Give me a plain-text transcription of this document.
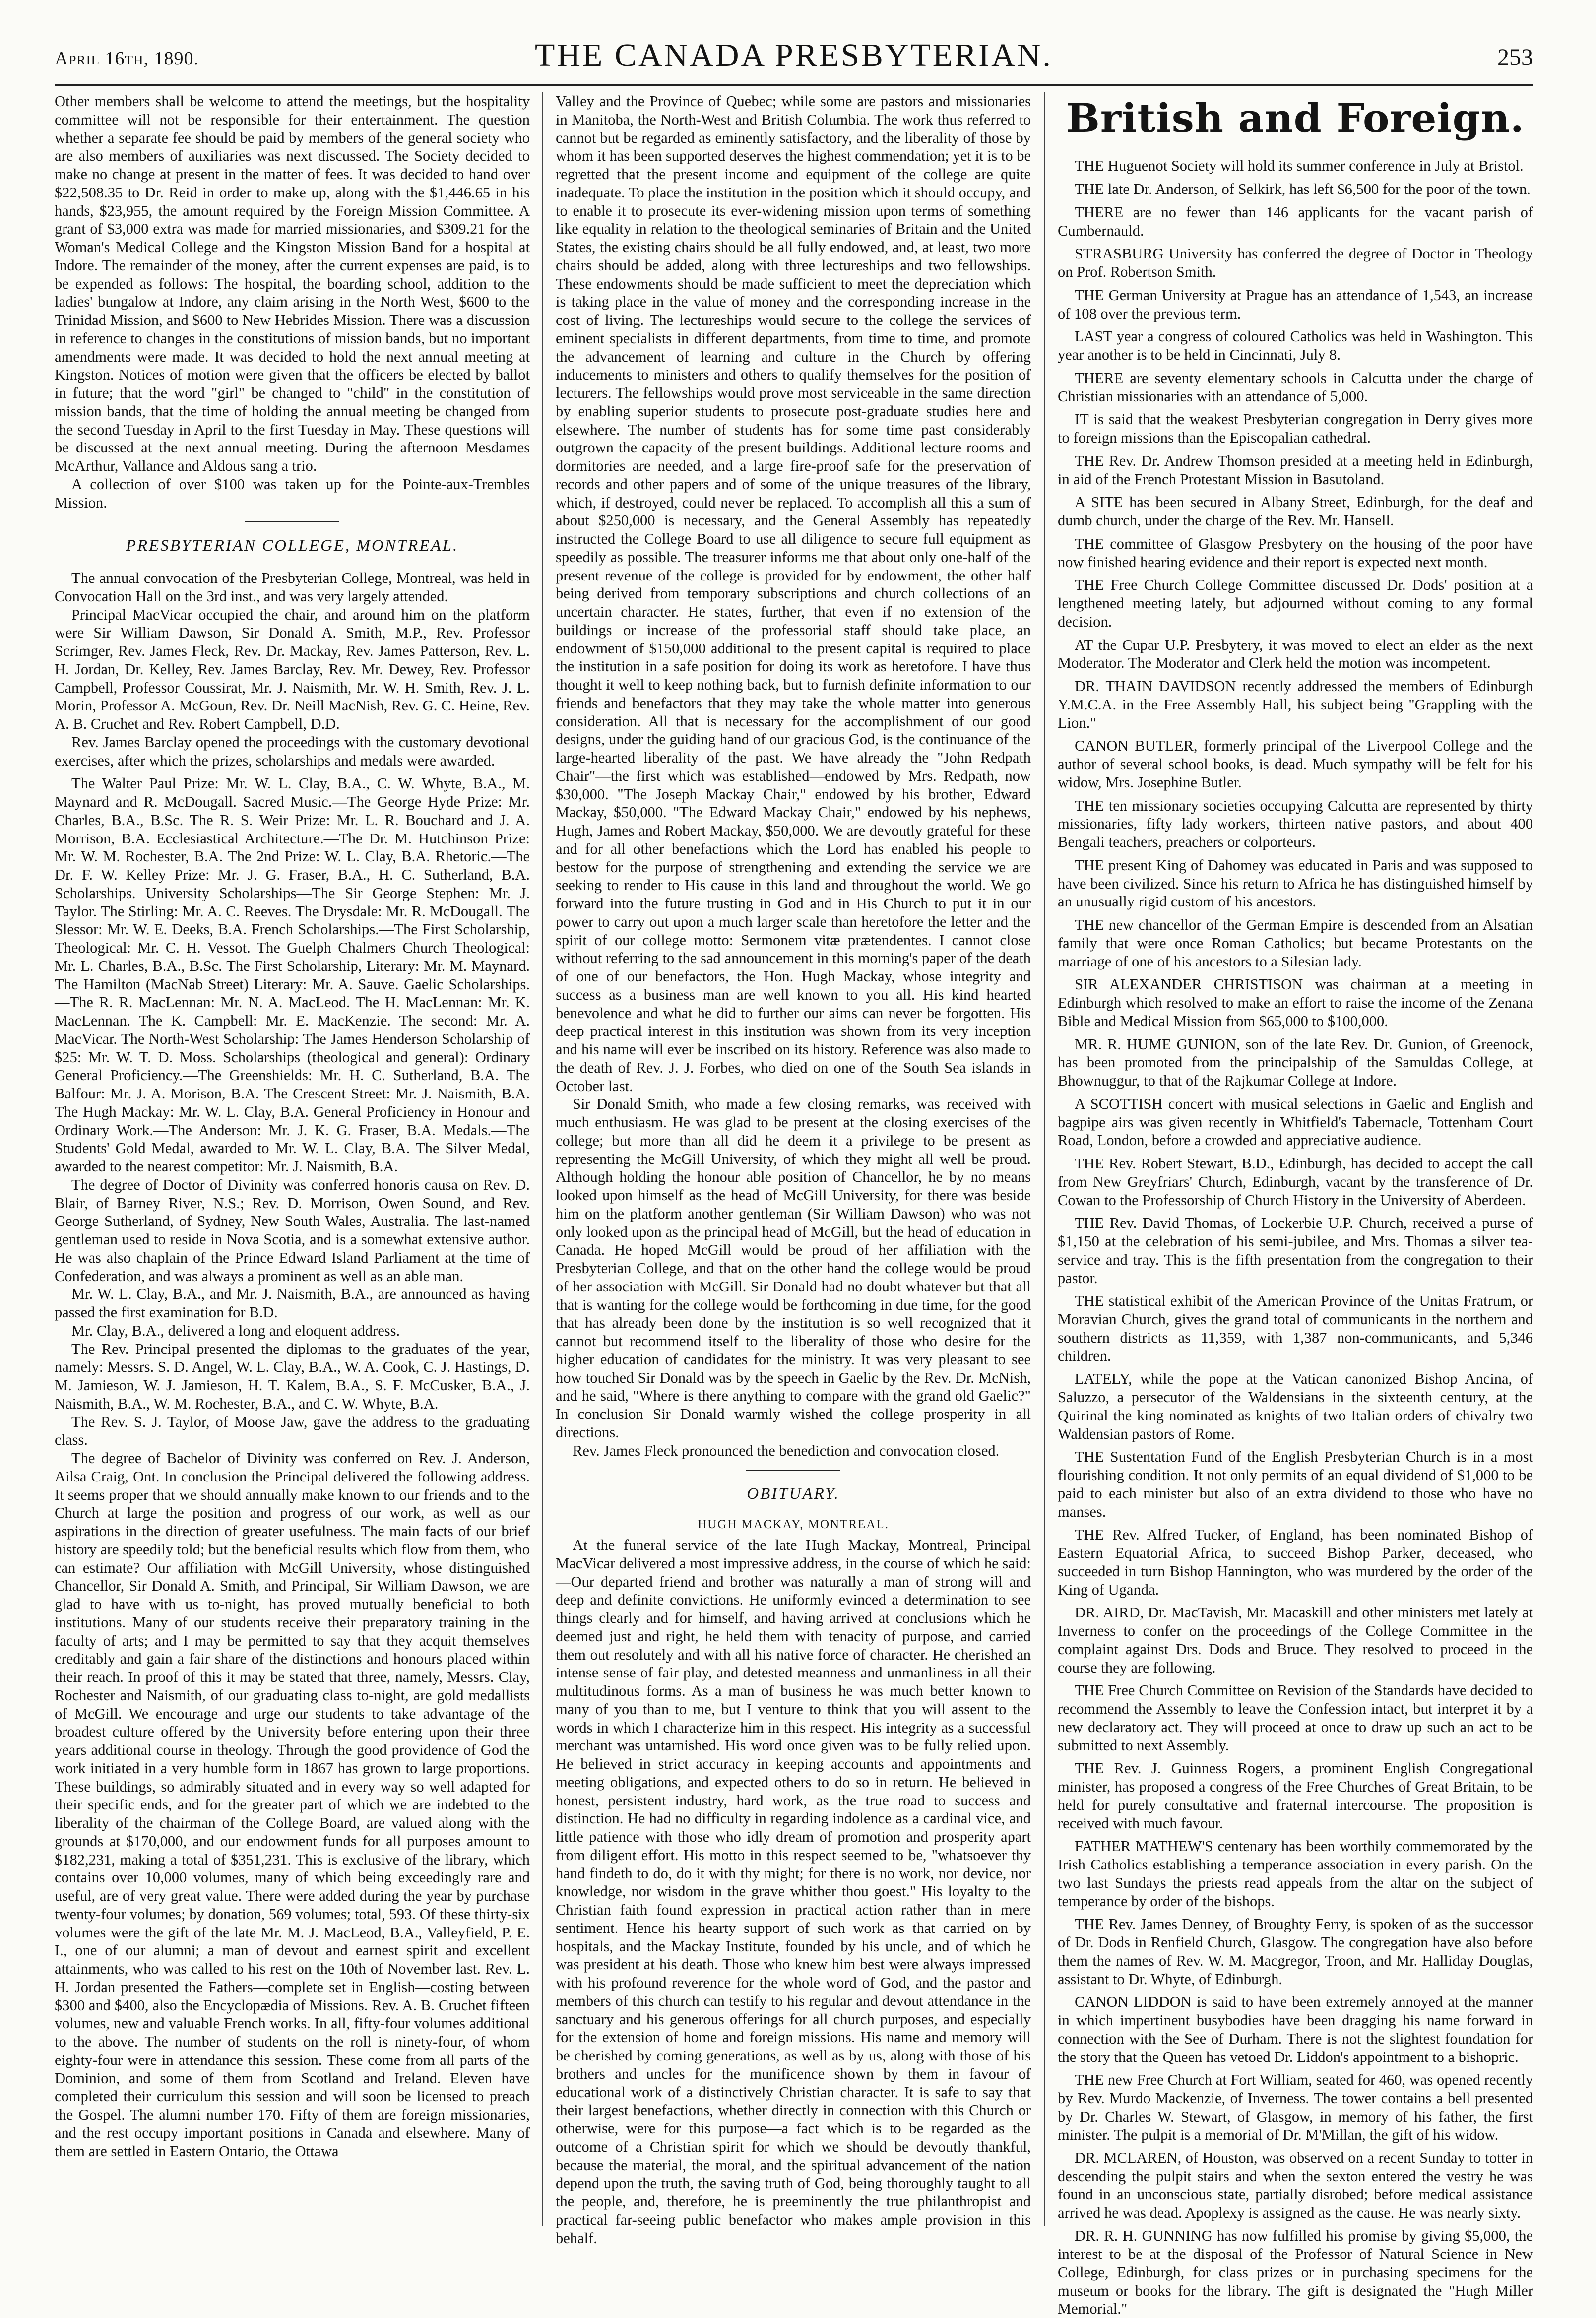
April 16th, 1890.	THE CANADA PRESBYTERIAN.	253

Other members shall be welcome to attend the meetings, but the hospitality committee will not be responsible for their entertainment. The question whether a separate fee should be paid by members of the general society who are also members of auxiliaries was next discussed. The Society decided to make no change at present in the matter of fees. It was decided to hand over $22,508.35 to Dr. Reid in order to make up, along with the $1,446.65 in his hands, $23,955, the amount required by the Foreign Mission Committee. A grant of $3,000 extra was made for married missionaries, and $309.21 for the Woman's Medical College and the Kingston Mission Band for a hospital at Indore. The remainder of the money, after the current expenses are paid, is to be expended as follows: The hospital, the boarding school, addition to the ladies' bungalow at Indore, any claim arising in the North West, $600 to the Trinidad Mission, and $600 to New Hebrides Mission. There was a discussion in reference to changes in the constitutions of mission bands, but no important amendments were made. It was decided to hold the next annual meeting at Kingston. Notices of motion were given that the officers be elected by ballot in future; that the word "girl" be changed to "child" in the constitution of mission bands, that the time of holding the annual meeting be changed from the second Tuesday in April to the first Tuesday in May. These questions will be discussed at the next annual meeting. During the afternoon Mesdames McArthur, Vallance and Aldous sang a trio.

A collection of over $100 was taken up for the Pointe-aux-Trembles Mission.

PRESBYTERIAN COLLEGE, MONTREAL.

The annual convocation of the Presbyterian College, Montreal, was held in Convocation Hall on the 3rd inst., and was very largely attended.

Principal MacVicar occupied the chair, and around him on the platform were Sir William Dawson, Sir Donald A. Smith, M.P., Rev. Professor Scrimger, Rev. James Fleck, Rev. Dr. Mackay, Rev. James Patterson, Rev. L. H. Jordan, Dr. Kelley, Rev. James Barclay, Rev. Mr. Dewey, Rev. Professor Campbell, Professor Coussirat, Mr. J. Naismith, Mr. W. H. Smith, Rev. J. L. Morin, Professor A. McGoun, Rev. Dr. Neill MacNish, Rev. G. C. Heine, Rev. A. B. Cruchet and Rev. Robert Campbell, D.D.

Rev. James Barclay opened the proceedings with the customary devotional exercises, after which the prizes, scholarships and medals were awarded.

The Walter Paul Prize: Mr. W. L. Clay, B.A., C. W. Whyte, B.A., M. Maynard and R. McDougall. Sacred Music.—The George Hyde Prize: Mr. Charles, B.A., B.Sc. The R. S. Weir Prize: Mr. L. R. Bouchard and J. A. Morrison, B.A. Ecclesiastical Architecture.—The Dr. M. Hutchinson Prize: Mr. W. M. Rochester, B.A. The 2nd Prize: W. L. Clay, B.A. Rhetoric.—The Dr. F. W. Kelley Prize: Mr. J. G. Fraser, B.A., H. C. Sutherland, B.A. Scholarships. University Scholarships—The Sir George Stephen: Mr. J. Taylor. The Stirling: Mr. A. C. Reeves. The Drysdale: Mr. R. McDougall. The Slessor: Mr. W. E. Deeks, B.A. French Scholarships.—The First Scholarship, Theological: Mr. C. H. Vessot. The Guelph Chalmers Church Theological: Mr. L. Charles, B.A., B.Sc. The First Scholarship, Literary: Mr. M. Maynard. The Hamilton (MacNab Street) Literary: Mr. A. Sauve. Gaelic Scholarships.—The R. R. MacLennan: Mr. N. A. MacLeod. The H. MacLennan: Mr. K. MacLennan. The K. Campbell: Mr. E. MacKenzie. The second: Mr. A. MacVicar. The North-West Scholarship: The James Henderson Scholarship of $25: Mr. W. T. D. Moss. Scholarships (theological and general): Ordinary General Proficiency.—The Greenshields: Mr. H. C. Sutherland, B.A. The Balfour: Mr. J. A. Morison, B.A. The Crescent Street: Mr. J. Naismith, B.A. The Hugh Mackay: Mr. W. L. Clay, B.A. General Proficiency in Honour and Ordinary Work.—The Anderson: Mr. J. K. G. Fraser, B.A. Medals.—The Students' Gold Medal, awarded to Mr. W. L. Clay, B.A. The Silver Medal, awarded to the nearest competitor: Mr. J. Naismith, B.A.

The degree of Doctor of Divinity was conferred honoris causa on Rev. D. Blair, of Barney River, N.S.; Rev. D. Morrison, Owen Sound, and Rev. George Sutherland, of Sydney, New South Wales, Australia. The last-named gentleman used to reside in Nova Scotia, and is a somewhat extensive author. He was also chaplain of the Prince Edward Island Parliament at the time of Confederation, and was always a prominent as well as an able man.

Mr. W. L. Clay, B.A., and Mr. J. Naismith, B.A., are announced as having passed the first examination for B.D.

Mr. Clay, B.A., delivered a long and eloquent address.

The Rev. Principal presented the diplomas to the graduates of the year, namely: Messrs. S. D. Angel, W. L. Clay, B.A., W. A. Cook, C. J. Hastings, D. M. Jamieson, W. J. Jamieson, H. T. Kalem, B.A., S. F. McCusker, B.A., J. Naismith, B.A., W. M. Rochester, B.A., and C. W. Whyte, B.A.

The Rev. S. J. Taylor, of Moose Jaw, gave the address to the graduating class.

The degree of Bachelor of Divinity was conferred on Rev. J. Anderson, Ailsa Craig, Ont. In conclusion the Principal delivered the following address. It seems proper that we should annually make known to our friends and to the Church at large the position and progress of our work, as well as our aspirations in the direction of greater usefulness. The main facts of our brief history are speedily told; but the beneficial results which flow from them, who can estimate? Our affiliation with McGill University, whose distinguished Chancellor, Sir Donald A. Smith, and Principal, Sir William Dawson, we are glad to have with us to-night, has proved mutually beneficial to both institutions. Many of our students receive their preparatory training in the faculty of arts; and I may be permitted to say that they acquit themselves creditably and gain a fair share of the distinctions and honours placed within their reach. In proof of this it may be stated that three, namely, Messrs. Clay, Rochester and Naismith, of our graduating class to-night, are gold medallists of McGill. We encourage and urge our students to take advantage of the broadest culture offered by the University before entering upon their three years additional course in theology. Through the good providence of God the work initiated in a very humble form in 1867 has grown to large proportions. These buildings, so admirably situated and in every way so well adapted for their specific ends, and for the greater part of which we are indebted to the liberality of the chairman of the College Board, are valued along with the grounds at $170,000, and our endowment funds for all purposes amount to $182,231, making a total of $351,231. This is exclusive of the library, which contains over 10,000 volumes, many of which being exceedingly rare and useful, are of very great value. There were added during the year by purchase twenty-four volumes; by donation, 569 volumes; total, 593. Of these thirty-six volumes were the gift of the late Mr. M. J. MacLeod, B.A., Valleyfield, P. E. I., one of our alumni; a man of devout and earnest spirit and excellent attainments, who was called to his rest on the 10th of November last. Rev. L. H. Jordan presented the Fathers—complete set in English—costing between $300 and $400, also the Encyclopædia of Missions. Rev. A. B. Cruchet fifteen volumes, new and valuable French works. In all, fifty-four volumes additional to the above. The number of students on the roll is ninety-four, of whom eighty-four were in attendance this session. These come from all parts of the Dominion, and some of them from Scotland and Ireland. Eleven have completed their curriculum this session and will soon be licensed to preach the Gospel. The alumni number 170. Fifty of them are foreign missionaries, and the rest occupy important positions in Canada and elsewhere. Many of them are settled in Eastern Ontario, the Ottawa

Valley and the Province of Quebec; while some are pastors and missionaries in Manitoba, the North-West and British Columbia. The work thus referred to cannot but be regarded as eminently satisfactory, and the liberality of those by whom it has been supported deserves the highest commendation; yet it is to be regretted that the present income and equipment of the college are quite inadequate. To place the institution in the position which it should occupy, and to enable it to prosecute its ever-widening mission upon terms of something like equality in relation to the theological seminaries of Britain and the United States, the existing chairs should be all fully endowed, and, at least, two more chairs should be added, along with three lectureships and two fellowships. These endowments should be made sufficient to meet the depreciation which is taking place in the value of money and the corresponding increase in the cost of living. The lectureships would secure to the college the services of eminent specialists in different departments, from time to time, and promote the advancement of learning and culture in the Church by offering inducements to ministers and others to qualify themselves for the position of lecturers. The fellowships would prove most serviceable in the same direction by enabling superior students to prosecute post-graduate studies here and elsewhere. The number of students has for some time past considerably outgrown the capacity of the present buildings. Additional lecture rooms and dormitories are needed, and a large fire-proof safe for the preservation of records and other papers and of some of the unique treasures of the library, which, if destroyed, could never be replaced. To accomplish all this a sum of about $250,000 is necessary, and the General Assembly has repeatedly instructed the College Board to use all diligence to secure full equipment as speedily as possible. The treasurer informs me that about only one-half of the present revenue of the college is provided for by endowment, the other half being derived from temporary subscriptions and church collections of an uncertain character. He states, further, that even if no extension of the buildings or increase of the professorial staff should take place, an endowment of $150,000 additional to the present capital is required to place the institution in a safe position for doing its work as heretofore. I have thus thought it well to keep nothing back, but to furnish definite information to our friends and benefactors that they may take the whole matter into generous consideration. All that is necessary for the accomplishment of our good designs, under the guiding hand of our gracious God, is the continuance of the large-hearted liberality of the past. We have already the "John Redpath Chair"—the first which was established—endowed by Mrs. Redpath, now $30,000. "The Joseph Mackay Chair," endowed by his brother, Edward Mackay, $50,000. "The Edward Mackay Chair," endowed by his nephews, Hugh, James and Robert Mackay, $50,000. We are devoutly grateful for these and for all other benefactions which the Lord has enabled his people to bestow for the purpose of strengthening and extending the service we are seeking to render to His cause in this land and throughout the world. We go forward into the future trusting in God and in His Church to put it in our power to carry out upon a much larger scale than heretofore the letter and the spirit of our college motto: Sermonem vitæ prætendentes. I cannot close without referring to the sad announcement in this morning's paper of the death of one of our benefactors, the Hon. Hugh Mackay, whose integrity and success as a business man are well known to you all. His kind hearted benevolence and what he did to further our aims can never be forgotten. His deep practical interest in this institution was shown from its very inception and his name will ever be inscribed on its history. Reference was also made to the death of Rev. J. J. Forbes, who died on one of the South Sea islands in October last.

Sir Donald Smith, who made a few closing remarks, was received with much enthusiasm. He was glad to be present at the closing exercises of the college; but more than all did he deem it a privilege to be present as representing the McGill University, of which they might all well be proud. Although holding the honour able position of Chancellor, he by no means looked upon himself as the head of McGill University, for there was beside him on the platform another gentleman (Sir William Dawson) who was not only looked upon as the principal head of McGill, but the head of education in Canada. He hoped McGill would be proud of her affiliation with the Presbyterian College, and that on the other hand the college would be proud of her association with McGill. Sir Donald had no doubt whatever but that all that is wanting for the college would be forthcoming in due time, for the good that has already been done by the institution is so well recognized that it cannot but recommend itself to the liberality of those who desire for the higher education of candidates for the ministry. It was very pleasant to see how touched Sir Donald was by the speech in Gaelic by the Rev. Dr. McNish, and he said, "Where is there anything to compare with the grand old Gaelic?" In conclusion Sir Donald warmly wished the college prosperity in all directions.

Rev. James Fleck pronounced the benediction and convocation closed.

OBITUARY.
HUGH MACKAY, MONTREAL.

At the funeral service of the late Hugh Mackay, Montreal, Principal MacVicar delivered a most impressive address, in the course of which he said:—Our departed friend and brother was naturally a man of strong will and deep and definite convictions. He uniformly evinced a determination to see things clearly and for himself, and having arrived at conclusions which he deemed just and right, he held them with tenacity of purpose, and carried them out resolutely and with all his native force of character. He cherished an intense sense of fair play, and detested meanness and unmanliness in all their multitudinous forms. As a man of business he was much better known to many of you than to me, but I venture to think that you will assent to the words in which I characterize him in this respect. His integrity as a successful merchant was untarnished. His word once given was to be fully relied upon. He believed in strict accuracy in keeping accounts and appointments and meeting obligations, and expected others to do so in return. He believed in honest, persistent industry, hard work, as the true road to success and distinction. He had no difficulty in regarding indolence as a cardinal vice, and little patience with those who idly dream of promotion and prosperity apart from diligent effort. His motto in this respect seemed to be, "whatsoever thy hand findeth to do, do it with thy might; for there is no work, nor device, nor knowledge, nor wisdom in the grave whither thou goest." His loyalty to the Christian faith found expression in practical action rather than in mere sentiment. Hence his hearty support of such work as that carried on by hospitals, and the Mackay Institute, founded by his uncle, and of which he was president at his death. Those who knew him best were always impressed with his profound reverence for the whole word of God, and the pastor and members of this church can testify to his regular and devout attendance in the sanctuary and his generous offerings for all church purposes, and especially for the extension of home and foreign missions. His name and memory will be cherished by coming generations, as well as by us, along with those of his brothers and uncles for the munificence shown by them in favour of educational work of a distinctively Christian character. It is safe to say that their largest benefactions, whether directly in connection with this Church or otherwise, were for this purpose—a fact which is to be regarded as the outcome of a Christian spirit for which we should be devoutly thankful, because the material, the moral, and the spiritual advancement of the nation depend upon the truth, the saving truth of God, being thoroughly taught to all the people, and, therefore, he is preeminently the true philanthropist and practical far-seeing public benefactor who makes ample provision in this behalf.

British and Foreign.

THE Huguenot Society will hold its summer conference in July at Bristol.

THE late Dr. Anderson, of Selkirk, has left $6,500 for the poor of the town.

THERE are no fewer than 146 applicants for the vacant parish of Cumbernauld.

STRASBURG University has conferred the degree of Doctor in Theology on Prof. Robertson Smith.

THE German University at Prague has an attendance of 1,543, an increase of 108 over the previous term.

LAST year a congress of coloured Catholics was held in Washington. This year another is to be held in Cincinnati, July 8.

THERE are seventy elementary schools in Calcutta under the charge of Christian missionaries with an attendance of 5,000.

IT is said that the weakest Presbyterian congregation in Derry gives more to foreign missions than the Episcopalian cathedral.

THE Rev. Dr. Andrew Thomson presided at a meeting held in Edinburgh, in aid of the French Protestant Mission in Basutoland.

A SITE has been secured in Albany Street, Edinburgh, for the deaf and dumb church, under the charge of the Rev. Mr. Hansell.

THE committee of Glasgow Presbytery on the housing of the poor have now finished hearing evidence and their report is expected next month.

THE Free Church College Committee discussed Dr. Dods' position at a lengthened meeting lately, but adjourned without coming to any formal decision.

AT the Cupar U.P. Presbytery, it was moved to elect an elder as the next Moderator. The Moderator and Clerk held the motion was incompetent.

DR. THAIN DAVIDSON recently addressed the members of Edinburgh Y.M.C.A. in the Free Assembly Hall, his subject being "Grappling with the Lion."

CANON BUTLER, formerly principal of the Liverpool College and the author of several school books, is dead. Much sympathy will be felt for his widow, Mrs. Josephine Butler.

THE ten missionary societies occupying Calcutta are represented by thirty missionaries, fifty lady workers, thirteen native pastors, and about 400 Bengali teachers, preachers or colporteurs.

THE present King of Dahomey was educated in Paris and was supposed to have been civilized. Since his return to Africa he has distinguished himself by an unusually rigid custom of his ancestors.

THE new chancellor of the German Empire is descended from an Alsatian family that were once Roman Catholics; but became Protestants on the marriage of one of his ancestors to a Silesian lady.

SIR ALEXANDER CHRISTISON was chairman at a meeting in Edinburgh which resolved to make an effort to raise the income of the Zenana Bible and Medical Mission from $65,000 to $100,000.

MR. R. HUME GUNION, son of the late Rev. Dr. Gunion, of Greenock, has been promoted from the principalship of the Samuldas College, at Bhownuggur, to that of the Rajkumar College at Indore.

A SCOTTISH concert with musical selections in Gaelic and English and bagpipe airs was given recently in Whitfield's Tabernacle, Tottenham Court Road, London, before a crowded and appreciative audience.

THE Rev. Robert Stewart, B.D., Edinburgh, has decided to accept the call from New Greyfriars' Church, Edinburgh, vacant by the transference of Dr. Cowan to the Professorship of Church History in the University of Aberdeen.

THE Rev. David Thomas, of Lockerbie U.P. Church, received a purse of $1,150 at the celebration of his semi-jubilee, and Mrs. Thomas a silver tea-service and tray. This is the fifth presentation from the congregation to their pastor.

THE statistical exhibit of the American Province of the Unitas Fratrum, or Moravian Church, gives the grand total of communicants in the northern and southern districts as 11,359, with 1,387 non-communicants, and 5,346 children.

LATELY, while the pope at the Vatican canonized Bishop Ancina, of Saluzzo, a persecutor of the Waldensians in the sixteenth century, at the Quirinal the king nominated as knights of two Italian orders of chivalry two Waldensian pastors of Rome.

THE Sustentation Fund of the English Presbyterian Church is in a most flourishing condition. It not only permits of an equal dividend of $1,000 to be paid to each minister but also of an extra dividend to those who have no manses.

THE Rev. Alfred Tucker, of England, has been nominated Bishop of Eastern Equatorial Africa, to succeed Bishop Parker, deceased, who succeeded in turn Bishop Hannington, who was murdered by the order of the King of Uganda.

DR. AIRD, Dr. MacTavish, Mr. Macaskill and other ministers met lately at Inverness to confer on the proceedings of the College Committee in the complaint against Drs. Dods and Bruce. They resolved to proceed in the course they are following.

THE Free Church Committee on Revision of the Standards have decided to recommend the Assembly to leave the Confession intact, but interpret it by a new declaratory act. They will proceed at once to draw up such an act to be submitted to next Assembly.

THE Rev. J. Guinness Rogers, a prominent English Congregational minister, has proposed a congress of the Free Churches of Great Britain, to be held for purely consultative and fraternal intercourse. The proposition is received with much favour.

FATHER MATHEW'S centenary has been worthily commemorated by the Irish Catholics establishing a temperance association in every parish. On the two last Sundays the priests read appeals from the altar on the subject of temperance by order of the bishops.

THE Rev. James Denney, of Broughty Ferry, is spoken of as the successor of Dr. Dods in Renfield Church, Glasgow. The congregation have also before them the names of Rev. W. M. Macgregor, Troon, and Mr. Halliday Douglas, assistant to Dr. Whyte, of Edinburgh.

CANON LIDDON is said to have been extremely annoyed at the manner in which impertinent busybodies have been dragging his name forward in connection with the See of Durham. There is not the slightest foundation for the story that the Queen has vetoed Dr. Liddon's appointment to a bishopric.

THE new Free Church at Fort William, seated for 460, was opened recently by Rev. Murdo Mackenzie, of Inverness. The tower contains a bell presented by Dr. Charles W. Stewart, of Glasgow, in memory of his father, the first minister. The pulpit is a memorial of Dr. M'Millan, the gift of his widow.

DR. MCLAREN, of Houston, was observed on a recent Sunday to totter in descending the pulpit stairs and when the sexton entered the vestry he was found in an unconscious state, partially disrobed; before medical assistance arrived he was dead. Apoplexy is assigned as the cause. He was nearly sixty.

DR. R. H. GUNNING has now fulfilled his promise by giving $5,000, the interest to be at the disposal of the Professor of Natural Science in New College, Edinburgh, for class prizes or in purchasing specimens for the museum or books for the library. The gift is designated the "Hugh Miller Memorial."
